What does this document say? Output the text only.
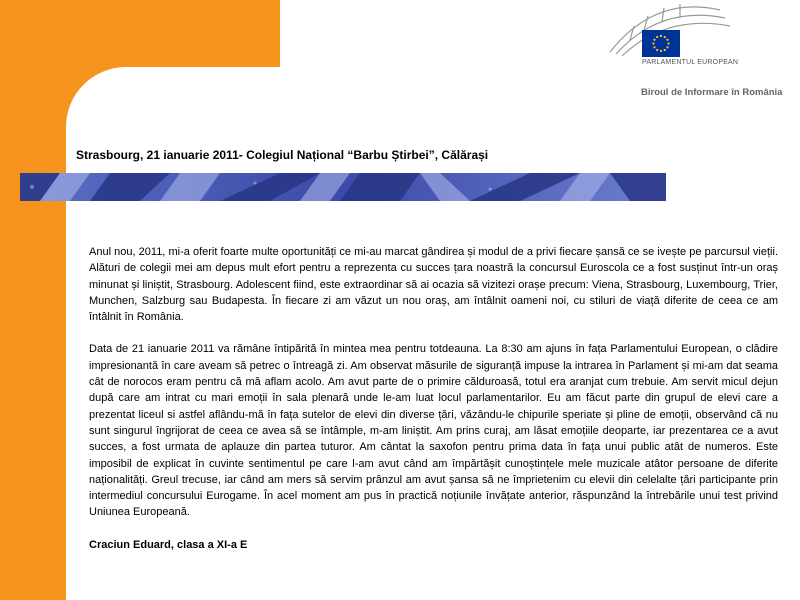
PARLAMENTUL EUROPEAN
Biroul de Informare în România
Strasbourg, 21 ianuarie 2011- Colegiul Național “Barbu Știrbei”, Călărași

Anul nou, 2011, mi-a oferit foarte multe oportunități ce mi-au marcat gândirea și modul de a privi fiecare șansă ce se ivește pe parcursul vieții. Alături de colegii mei am depus mult efort pentru a reprezenta cu succes țara noastră la concursul Euroscola ce a fost susținut într-un oraș minunat și liniștit, Strasbourg. Adolescent fiind, este extraordinar să ai ocazia să vizitezi orașe precum: Viena, Strasbourg, Luxembourg, Trier, Munchen, Salzburg sau Budapesta. În fiecare zi am văzut un nou oraș, am întâlnit oameni noi, cu stiluri de viață diferite de ceea ce am întâlnit în România.

Data de 21 ianuarie 2011 va rămâne întipărită în mintea mea pentru totdeauna. La 8:30 am ajuns în fața Parlamentului European, o clădire impresionantă în care aveam să petrec o întreagă zi. Am observat măsurile de siguranță impuse la intrarea în Parlament și mi-am dat seama cât de norocos eram pentru că mă aflam acolo. Am avut parte de o primire călduroasă, totul era aranjat cum trebuie. Am servit micul dejun după care am intrat cu mari emoții în sala plenară unde le-am luat locul parlamentarilor. Eu am făcut parte din grupul de elevi care a prezentat liceul si astfel aflându-mă în fața sutelor de elevi din diverse țări, văzându-le chipurile speriate și pline de emoții, observând că nu sunt singurul îngrijorat de ceea ce avea să se întâmple, m-am liniștit. Am prins curaj, am lăsat emoțiile deoparte, iar prezentarea ce a avut succes, a fost urmata de aplauze din partea tuturor. Am cântat la saxofon pentru prima data în fața unui public atât de numeros. Este imposibil de explicat în cuvinte sentimentul pe care l-am avut când am împărtășit cunoștințele mele muzicale atâtor persoane de diferite naționalități. Greul trecuse, iar când am mers să servim prânzul am avut șansa să ne împrietenim cu elevii din celelalte țări participante prin intermediul concursului Eurogame. În acel moment am pus în practică noțiunile învățate anterior, răspunzând la întrebările unui test privind Uniunea Europeană.

Craciun Eduard, clasa a XI-a E
